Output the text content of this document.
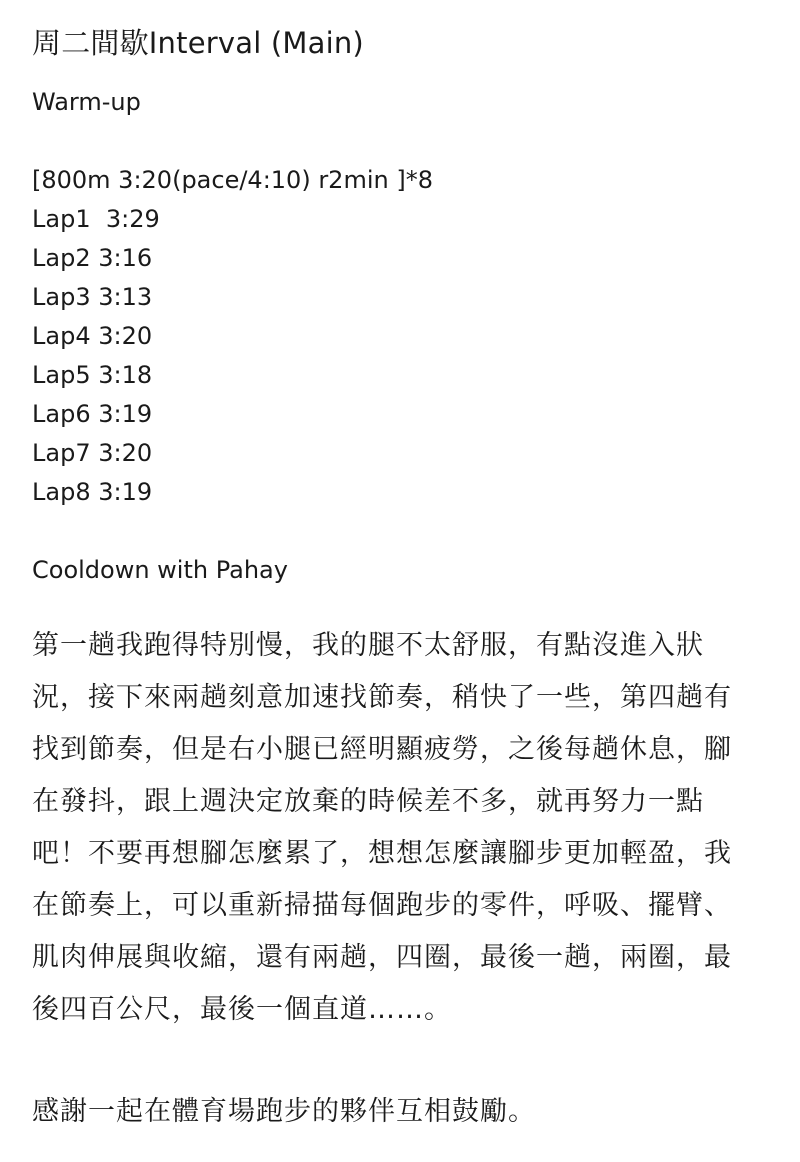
周二間歇Interval (Main)

Warm-up

[800m 3:20(pace/4:10) r2min ]*8

Lap1  3:29

Lap2 3:16

Lap3 3:13

Lap4 3:20

Lap5 3:18

Lap6 3:19

Lap7 3:20

Lap8 3:19

Cooldown with Pahay

第一趟我跑得特別慢，我的腿不太舒服，有點沒進入狀

況，接下來兩趟刻意加速找節奏，稍快了一些，第四趟有

找到節奏，但是右小腿已經明顯疲勞，之後每趟休息，腳

在發抖，跟上週決定放棄的時候差不多，就再努力一點

吧！不要再想腳怎麼累了，想想怎麼讓腳步更加輕盈，我

在節奏上，可以重新掃描每個跑步的零件，呼吸、擺臂、

肌肉伸展與收縮，還有兩趟，四圈，最後一趟，兩圈，最

後四百公尺，最後一個直道……。

感謝一起在體育場跑步的夥伴互相鼓勵。
